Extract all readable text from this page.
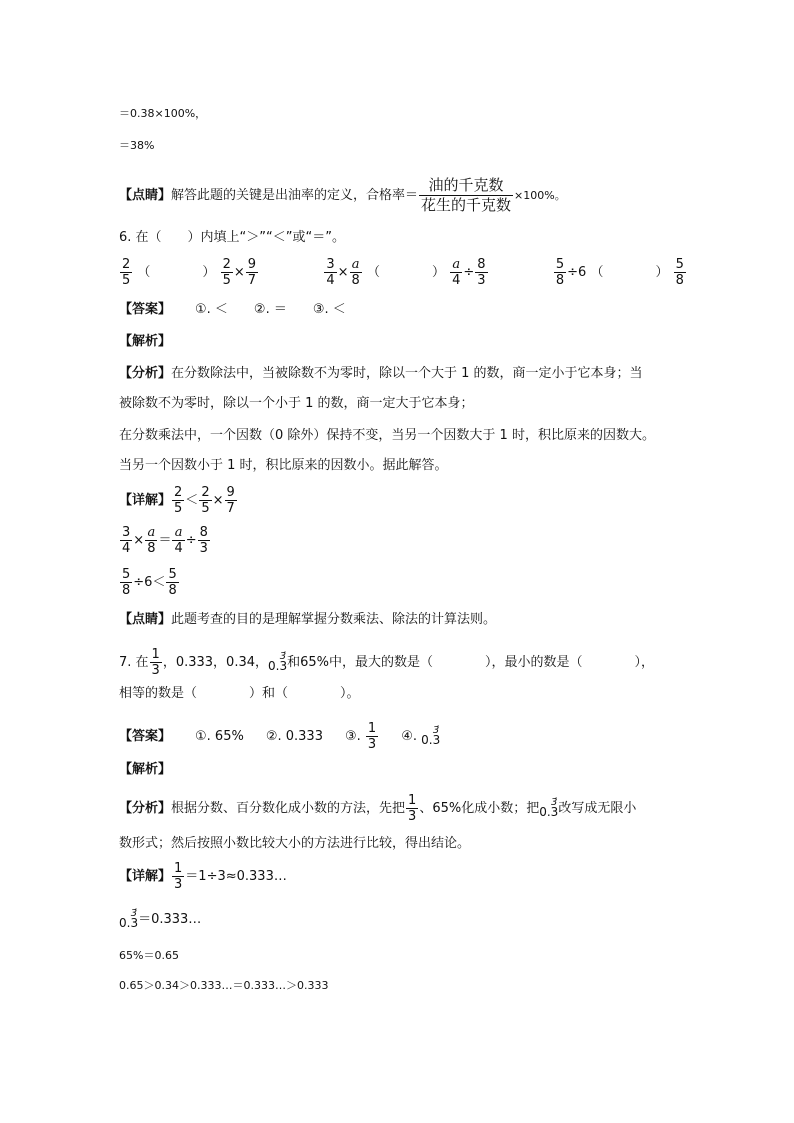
＝0.38×100%，
＝38%
【点睛】解答此题的关键是出油率的定义，合格率＝ $\frac{\text{油的千克数}}{\text{花生的千克数}} \times 100\%$。
6. 在（　　）内填上“＞”“＜”或“＝”。
$\frac{2}{5}$ （　　　　） $\frac{2}{5} \times \frac{9}{7}$
	$\frac{3}{4} \times \frac{a}{8}$ （　　　　） $\frac{a}{4} \div \frac{8}{3}$
	$\frac{5}{8} \div 6$ （　　　　） $\frac{5}{8}$
【答案】 ①. ＜　　②. ＝　　③. ＜
【解析】
【分析】在分数除法中，当被除数不为零时，除以一个大于 1 的数，商一定小于它本身；当
被除数不为零时，除以一个小于 1 的数，商一定大于它本身；
在分数乘法中，一个因数（0 除外）保持不变，当另一个因数大于 1 时，积比原来的因数大。
当另一个因数小于 1 时，积比原来的因数小。据此解答。
【详解】 $\frac{2}{5} < \frac{2}{5} \times \frac{9}{7}$
$\frac{3}{4} \times \frac{a}{8} = \frac{a}{4} \div \frac{8}{3}$
$\frac{5}{8} \div 6< \frac{5}{8}$
【点睛】此题考查的目的是理解掌握分数乘法、除法的计算法则。
7. 在 $\frac{1}{3}$ ，0.333，0.34，0.3
3̇ 和65%中，最大的数是（　　　　），最小的数是（　　　　），
相等的数是（　　　　）和（　　　　）。
【答案】 ①. 65% ②. 0.333 ③. $\frac{1}{3}$ ④. 0.3
3̇
【解析】
【分析】根据分数、百分数化成小数的方法，先把 $\frac{1}{3}$ 、65%化成小数；把0.3
3̇ 改写成无限小
数形式；然后按照小数比较大小的方法进行比较，得出结论。
【详解】 $\frac{1}{3}$ ＝1÷3≈0.333…
0.3
3̇ ＝0.333…
65%＝0.65
0.65＞0.34＞0.333…＝0.333…＞0.333
